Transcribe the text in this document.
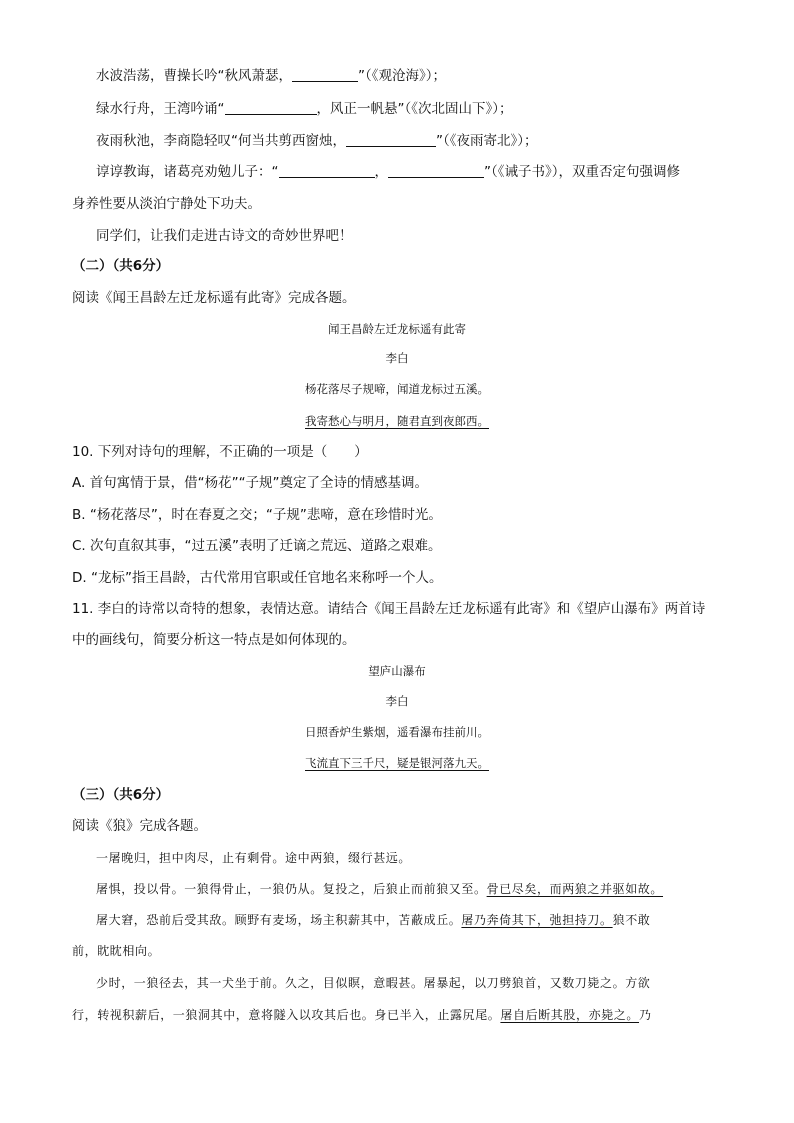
水波浩荡，曹操长吟“秋风萧瑟，	”（《观沧海》）；
绿水行舟，王湾吟诵“	，风正一帆悬”（《次北固山下》）；
夜雨秋池，李商隐轻叹“何当共剪西窗烛，	”（《夜雨寄北》）；
谆谆教诲，诸葛亮劝勉儿子：“	，	”（《诫子书》），双重否定句强调修
身养性要从淡泊宁静处下功夫。
同学们，让我们走进古诗文的奇妙世界吧！
（二）（共6分）
阅读《闻王昌龄左迁龙标遥有此寄》完成各题。
闻王昌龄左迁龙标遥有此寄
李白
杨花落尽子规啼，闻道龙标过五溪。
我寄愁心与明月，随君直到夜郎西。
10. 下列对诗句的理解，不正确的一项是（　　）
A. 首句寓情于景，借“杨花”“子规”奠定了全诗的情感基调。
B. “杨花落尽”，时在春夏之交；“子规”悲啼，意在珍惜时光。
C. 次句直叙其事，“过五溪”表明了迁谪之荒远、道路之艰难。
D. “龙标”指王昌龄，古代常用官职或任官地名来称呼一个人。
11. 李白的诗常以奇特的想象，表情达意。请结合《闻王昌龄左迁龙标遥有此寄》和《望庐山瀑布》两首诗
中的画线句，简要分析这一特点是如何体现的。
望庐山瀑布
李白
日照香炉生紫烟，遥看瀑布挂前川。
飞流直下三千尺，疑是银河落九天。
（三）（共6分）
阅读《狼》完成各题。
一屠晚归，担中肉尽，止有剩骨。途中两狼，缀行甚远。
屠惧，投以骨。一狼得骨止，一狼仍从。复投之，后狼止而前狼又至。骨已尽矣，而两狼之并驱如故。
屠大窘，恐前后受其敌。顾野有麦场，场主积薪其中，苫蔽成丘。屠乃奔倚其下，弛担持刀。狼不敢
前，眈眈相向。
少时，一狼径去，其一犬坐于前。久之，目似瞑，意暇甚。屠暴起，以刀劈狼首，又数刀毙之。方欲
行，转视积薪后，一狼洞其中，意将隧入以攻其后也。身已半入，止露尻尾。屠自后断其股，亦毙之。乃
